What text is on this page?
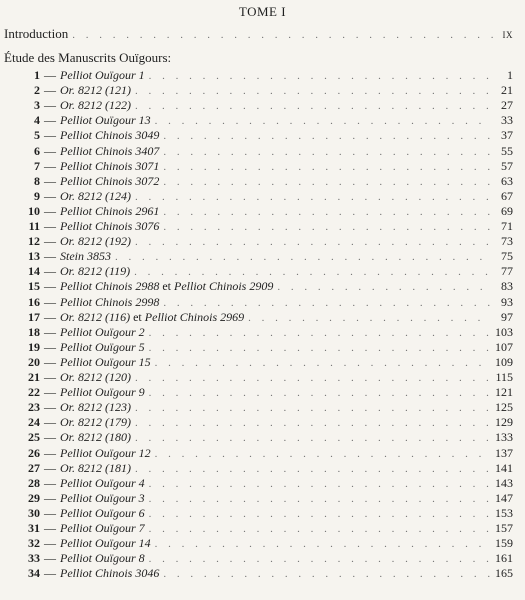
TOME I
Introduction . . .	IX
Étude des Manuscrits Ouïgours:
1 — Pelliot Ouïgour 1 . . .	1
2 — Or. 8212 (121) . . .	21
3 — Or. 8212 (122) . . .	27
4 — Pelliot Ouïgour 13 . . .	33
5 — Pelliot Chinois 3049 . . .	37
6 — Pelliot Chinois 3407 . . .	55
7 — Pelliot Chinois 3071 . . .	57
8 — Pelliot Chinois 3072 . . .	63
9 — Or. 8212 (124) . . .	67
10 — Pelliot Chinois 2961 . . .	69
11 — Pelliot Chinois 3076 . . .	71
12 — Or. 8212 (192) . . .	73
13 — Stein 3853 . . .	75
14 — Or. 8212 (119) . . .	77
15 — Pelliot Chinois 2988 et Pelliot Chinois 2909 . . .	83
16 — Pelliot Chinois 2998 . . .	93
17 — Or. 8212 (116) et Pelliot Chinois 2969 . . .	97
18 — Pelliot Ouïgour 2 . . .	103
19 — Pelliot Ouïgour 5 . . .	107
20 — Pelliot Ouïgour 15 . . .	109
21 — Or. 8212 (120) . . .	115
22 — Pelliot Ouïgour 9 . . .	121
23 — Or. 8212 (123) . . .	125
24 — Or. 8212 (179) . . .	129
25 — Or. 8212 (180) . . .	133
26 — Pelliot Ouïgour 12 . . .	137
27 — Or. 8212 (181) . . .	141
28 — Pelliot Ouïgour 4 . . .	143
29 — Pelliot Ouïgour 3 . . .	147
30 — Pelliot Ouïgour 6 . . .	153
31 — Pelliot Ouïgour 7 . . .	157
32 — Pelliot Ouïgour 14 . . .	159
33 — Pelliot Ouïgour 8 . . .	161
34 — Pelliot Chinois 3046 . . .	165
